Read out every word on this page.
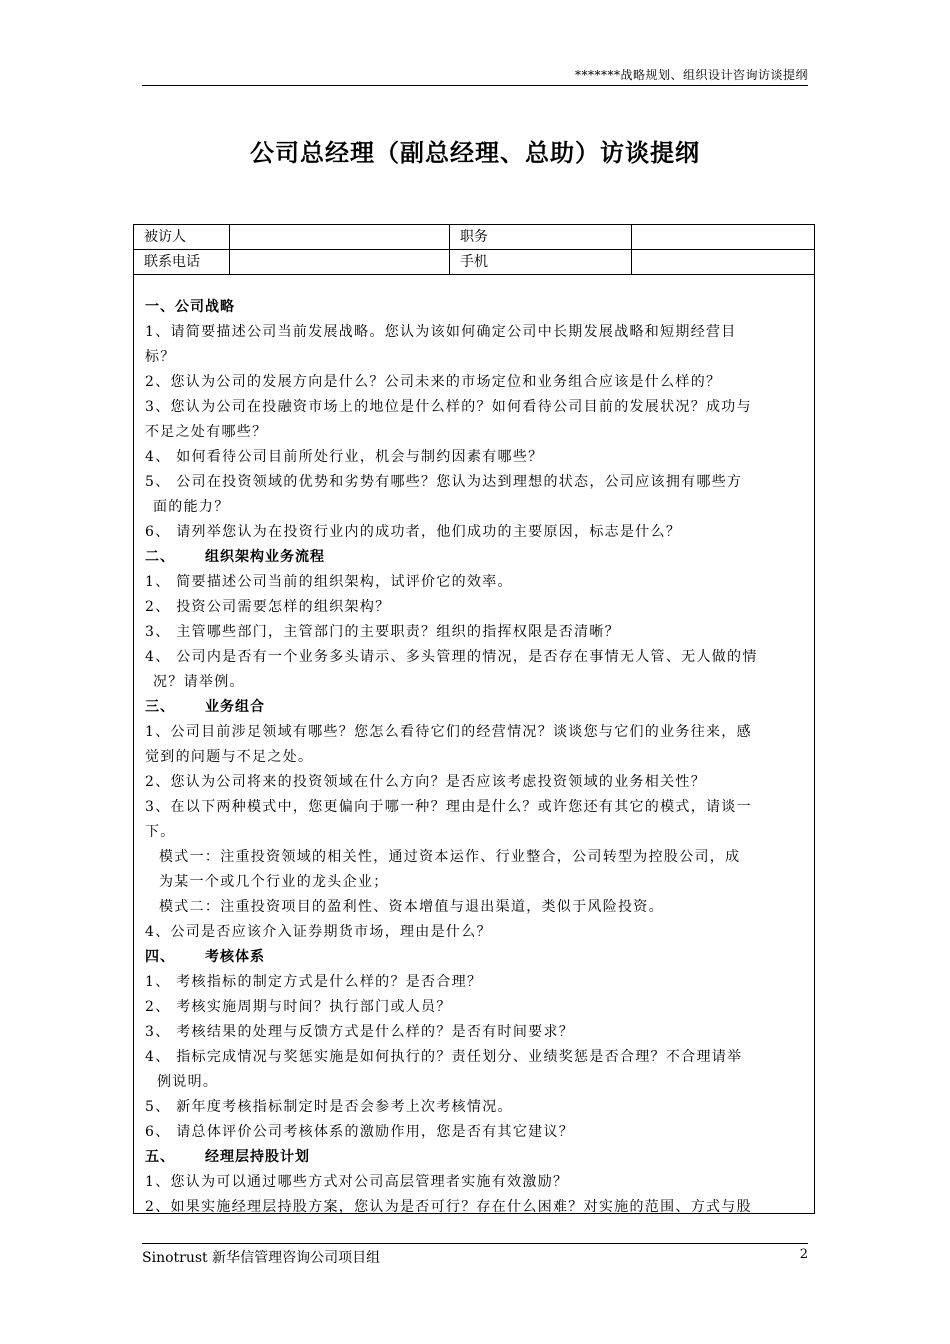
*******战略规划、组织设计咨询访谈提纲
公司总经理（副总经理、总助）访谈提纲
被访人	职务
联系电话	手机
一、公司战略
1、请简要描述公司当前发展战略。您认为该如何确定公司中长期发展战略和短期经营目
标？
2、您认为公司的发展方向是什么？公司未来的市场定位和业务组合应该是什么样的？
3、您认为公司在投融资市场上的地位是什么样的？如何看待公司目前的发展状况？成功与
不足之处有哪些？
4、 如何看待公司目前所处行业，机会与制约因素有哪些？
5、 公司在投资领域的优势和劣势有哪些？您认为达到理想的状态，公司应该拥有哪些方
面的能力？
6、 请列举您认为在投资行业内的成功者，他们成功的主要原因，标志是什么？
二、 组织架构业务流程
1、 简要描述公司当前的组织架构，试评价它的效率。
2、 投资公司需要怎样的组织架构？
3、 主管哪些部门，主管部门的主要职责？组织的指挥权限是否清晰？
4、 公司内是否有一个业务多头请示、多头管理的情况，是否存在事情无人管、无人做的情
况？请举例。
三、 业务组合
1、公司目前涉足领域有哪些？您怎么看待它们的经营情况？谈谈您与它们的业务往来，感
觉到的问题与不足之处。
2、您认为公司将来的投资领域在什么方向？是否应该考虑投资领域的业务相关性？
3、在以下两种模式中，您更偏向于哪一种？理由是什么？或许您还有其它的模式，请谈一
下。
模式一：注重投资领域的相关性，通过资本运作、行业整合，公司转型为控股公司，成
为某一个或几个行业的龙头企业；
模式二：注重投资项目的盈利性、资本增值与退出渠道，类似于风险投资。
4、公司是否应该介入证券期货市场，理由是什么？
四、 考核体系
1、 考核指标的制定方式是什么样的？是否合理？
2、 考核实施周期与时间？执行部门或人员？
3、 考核结果的处理与反馈方式是什么样的？是否有时间要求？
4、 指标完成情况与奖惩实施是如何执行的？责任划分、业绩奖惩是否合理？不合理请举
例说明。
5、 新年度考核指标制定时是否会参考上次考核情况。
6、 请总体评价公司考核体系的激励作用，您是否有其它建议？
五、 经理层持股计划
1、您认为可以通过哪些方式对公司高层管理者实施有效激励？
2、如果实施经理层持股方案，您认为是否可行？存在什么困难？对实施的范围、方式与股
Sinotrust 新华信管理咨询公司项目组	2
